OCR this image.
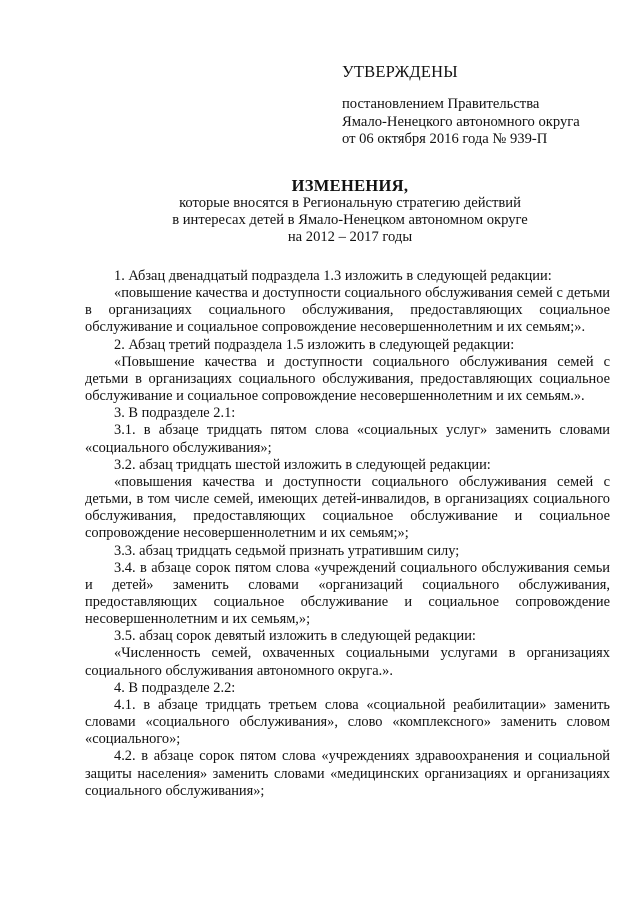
УТВЕРЖДЕНЫ
постановлением Правительства
Ямало-Ненецкого автономного округа
от 06 октября 2016 года № 939-П
ИЗМЕНЕНИЯ,
которые вносятся в Региональную стратегию действий
в интересах детей в Ямало-Ненецком автономном округе
на 2012 – 2017 годы

1. Абзац двенадцатый подраздела 1.3 изложить в следующей редакции:

«повышение качества и доступности социального обслуживания семей с детьми в организациях социального обслуживания, предоставляющих социальное обслуживание и социальное сопровождение несовершеннолетним и их семьям;».

2. Абзац третий подраздела 1.5 изложить в следующей редакции:

«Повышение качества и доступности социального обслуживания семей с детьми в организациях социального обслуживания, предоставляющих социальное обслуживание и социальное сопровождение несовершеннолетним и их семьям.».

3. В подразделе 2.1:

3.1. в абзаце тридцать пятом слова «социальных услуг» заменить словами «социального обслуживания»;

3.2. абзац тридцать шестой изложить в следующей редакции:

«повышения качества и доступности социального обслуживания семей с детьми, в том числе семей, имеющих детей-инвалидов, в организациях социального обслуживания, предоставляющих социальное обслуживание и социальное сопровождение несовершеннолетним и их семьям;»;

3.3. абзац тридцать седьмой признать утратившим силу;

3.4. в абзаце сорок пятом слова «учреждений социального обслуживания семьи и детей» заменить словами «организаций социального обслуживания, предоставляющих социальное обслуживание и социальное сопровождение несовершеннолетним и их семьям,»;

3.5. абзац сорок девятый изложить в следующей редакции:

«Численность семей, охваченных социальными услугами в организациях социального обслуживания автономного округа.».

4. В подразделе 2.2:

4.1. в абзаце тридцать третьем слова «социальной реабилитации» заменить словами «социального обслуживания», слово «комплексного» заменить словом «социального»;

4.2. в абзаце сорок пятом слова «учреждениях здравоохранения и социальной защиты населения» заменить словами «медицинских организациях и организациях социального обслуживания»;
